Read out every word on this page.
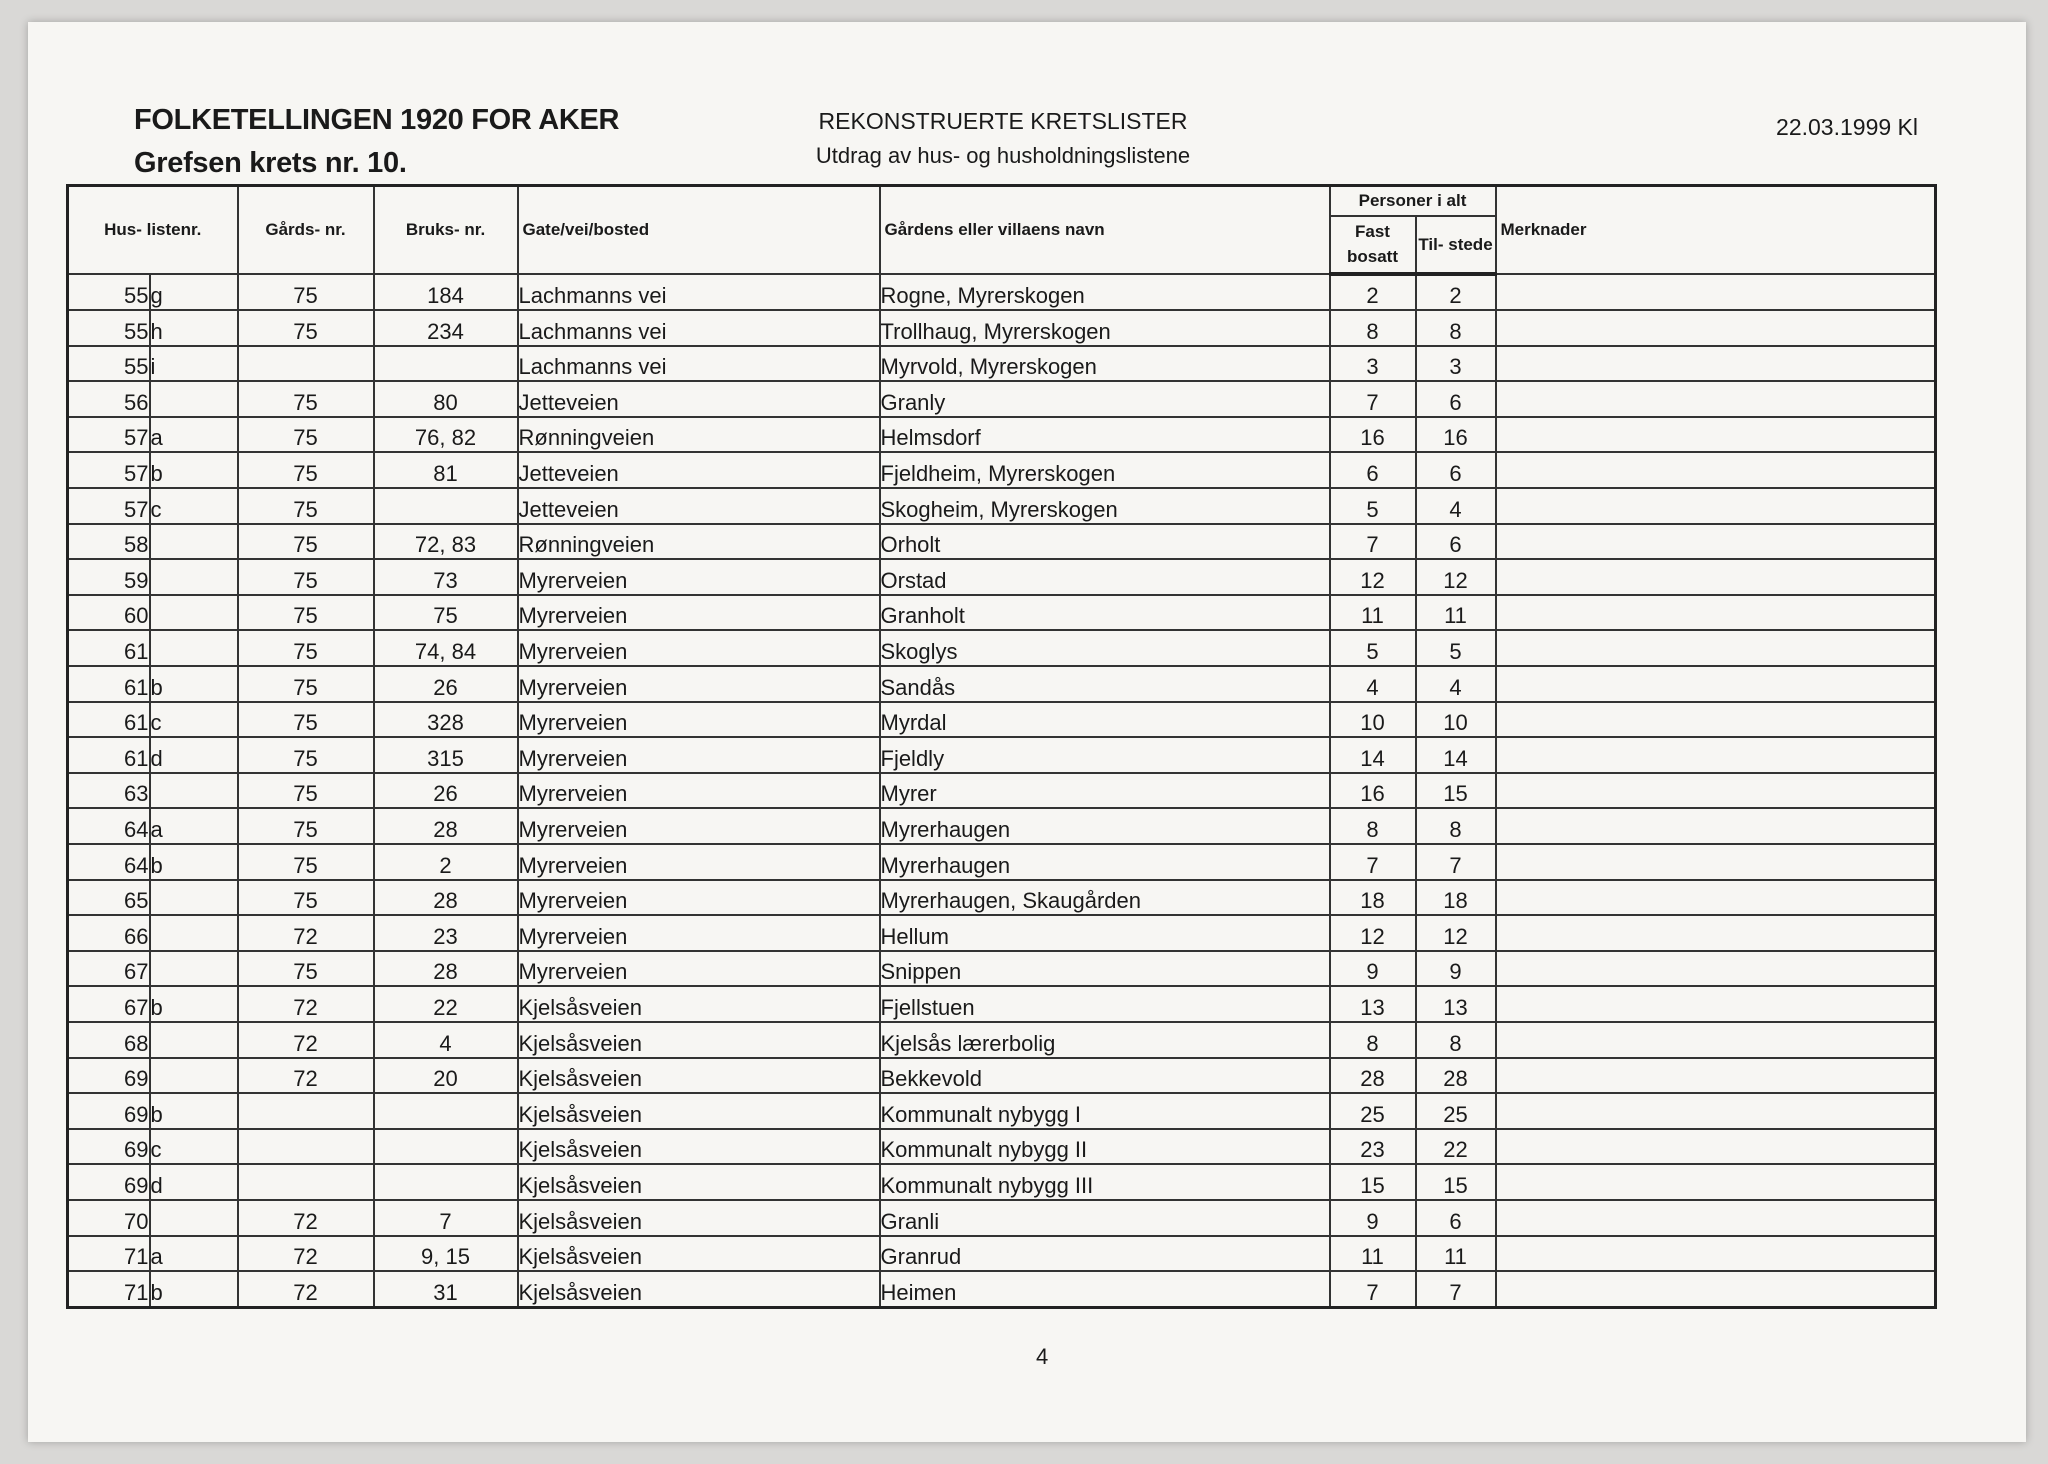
FOLKETELLINGEN 1920 FOR AKER
Grefsen krets nr. 10.
REKONSTRUERTE KRETSLISTER
Utdrag av hus- og husholdningslistene
22.03.1999 Kl
Hus- listenr.		Gårds- nr.	Bruks- nr.	Gate/vei/bosted	Gårdens eller villaens navn	Personer i alt		Merknader
						Fast bosatt	Til- stede	
55	g	75	184	Lachmanns vei	Rogne, Myrerskogen	2	2	
55	h	75	234	Lachmanns vei	Trollhaug, Myrerskogen	8	8	
55	i			Lachmanns vei	Myrvold, Myrerskogen	3	3	
56		75	80	Jetteveien	Granly	7	6	
57	a	75	76, 82	Rønningveien	Helmsdorf	16	16	
57	b	75	81	Jetteveien	Fjeldheim, Myrerskogen	6	6	
57	c	75		Jetteveien	Skogheim, Myrerskogen	5	4	
58		75	72, 83	Rønningveien	Orholt	7	6	
59		75	73	Myrerveien	Orstad	12	12	
60		75	75	Myrerveien	Granholt	11	11	
61		75	74, 84	Myrerveien	Skoglys	5	5	
61	b	75	26	Myrerveien	Sandås	4	4	
61	c	75	328	Myrerveien	Myrdal	10	10	
61	d	75	315	Myrerveien	Fjeldly	14	14	
63		75	26	Myrerveien	Myrer	16	15	
64	a	75	28	Myrerveien	Myrerhaugen	8	8	
64	b	75	2	Myrerveien	Myrerhaugen	7	7	
65		75	28	Myrerveien	Myrerhaugen, Skaugården	18	18	
66		72	23	Myrerveien	Hellum	12	12	
67		75	28	Myrerveien	Snippen	9	9	
67	b	72	22	Kjelsåsveien	Fjellstuen	13	13	
68		72	4	Kjelsåsveien	Kjelsås lærerbolig	8	8	
69		72	20	Kjelsåsveien	Bekkevold	28	28	
69	b			Kjelsåsveien	Kommunalt nybygg I	25	25	
69	c			Kjelsåsveien	Kommunalt nybygg II	23	22	
69	d			Kjelsåsveien	Kommunalt nybygg III	15	15	
70		72	7	Kjelsåsveien	Granli	9	6	
71	a	72	9, 15	Kjelsåsveien	Granrud	11	11	
71	b	72	31	Kjelsåsveien	Heimen	7	7	
4
